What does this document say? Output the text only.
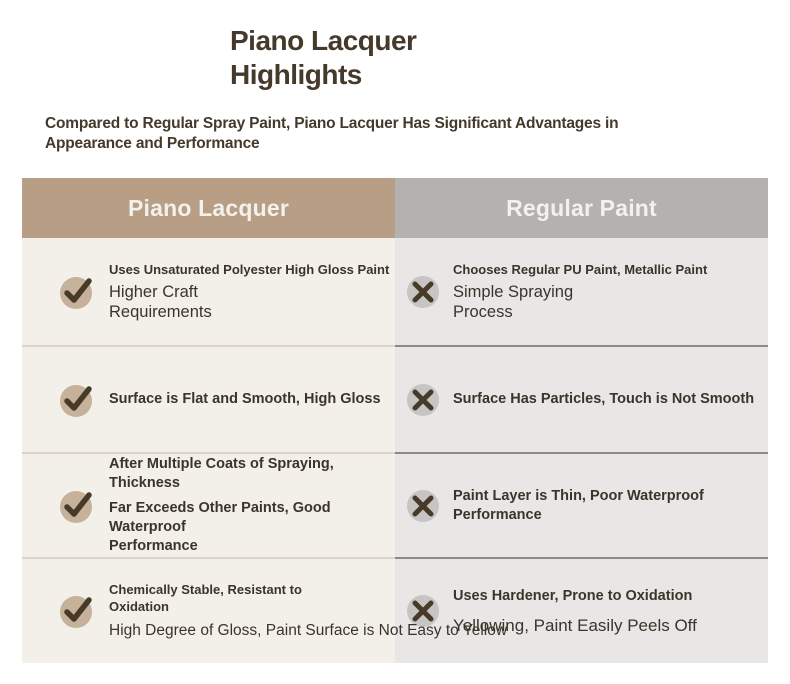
Piano Lacquer
Highlights

Compared to Regular Spray Paint, Piano Lacquer Has Significant Advantages in Appearance and Performance

Piano Lacquer	Regular Paint
Uses Unsaturated Polyester High Gloss Paint
Higher Craft
Requirements
Chooses Regular PU Paint, Metallic Paint
Simple Spraying
Process
Surface is Flat and Smooth, High Gloss	Surface Has Particles, Touch is Not Smooth
After Multiple Coats of Spraying, Thickness
Far Exceeds Other Paints, Good Waterproof
Performance
Paint Layer is Thin, Poor Waterproof
Performance
Chemically Stable, Resistant to
Oxidation
High Degree of Gloss, Paint Surface is Not Easy to Yellow
Uses Hardener, Prone to Oxidation
Yellowing, Paint Easily Peels Off
